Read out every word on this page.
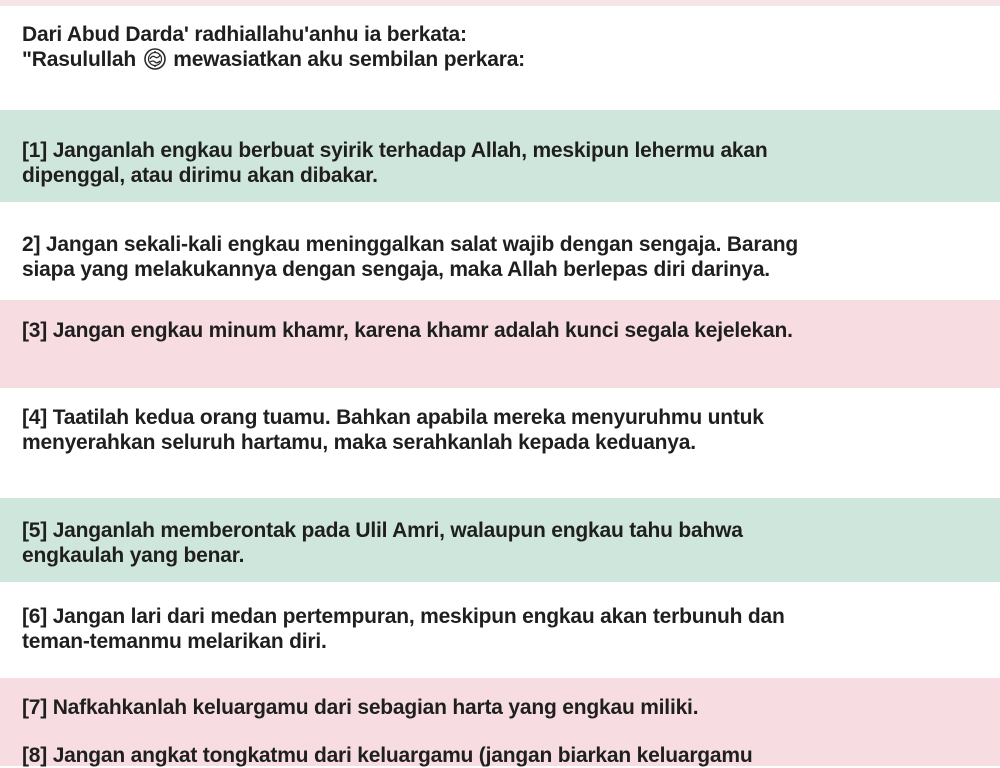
Dari Abud Darda' radhiallahu'anhu ia berkata:
"Rasulullah mewasiatkan aku sembilan perkara:
[1] Janganlah engkau berbuat syirik terhadap Allah, meskipun lehermu akan
dipenggal, atau dirimu akan dibakar.
2] Jangan sekali-kali engkau meninggalkan salat wajib dengan sengaja. Barang
siapa yang melakukannya dengan sengaja, maka Allah berlepas diri darinya.
[3] Jangan engkau minum khamr, karena khamr adalah kunci segala kejelekan.
[4] Taatilah kedua orang tuamu. Bahkan apabila mereka menyuruhmu untuk
menyerahkan seluruh hartamu, maka serahkanlah kepada keduanya.
[5] Janganlah memberontak pada Ulil Amri, walaupun engkau tahu bahwa
engkaulah yang benar.
[6] Jangan lari dari medan pertempuran, meskipun engkau akan terbunuh dan
teman-temanmu melarikan diri.
[7] Nafkahkanlah keluargamu dari sebagian harta yang engkau miliki.
[8] Jangan angkat tongkatmu dari keluargamu (jangan biarkan keluargamu
